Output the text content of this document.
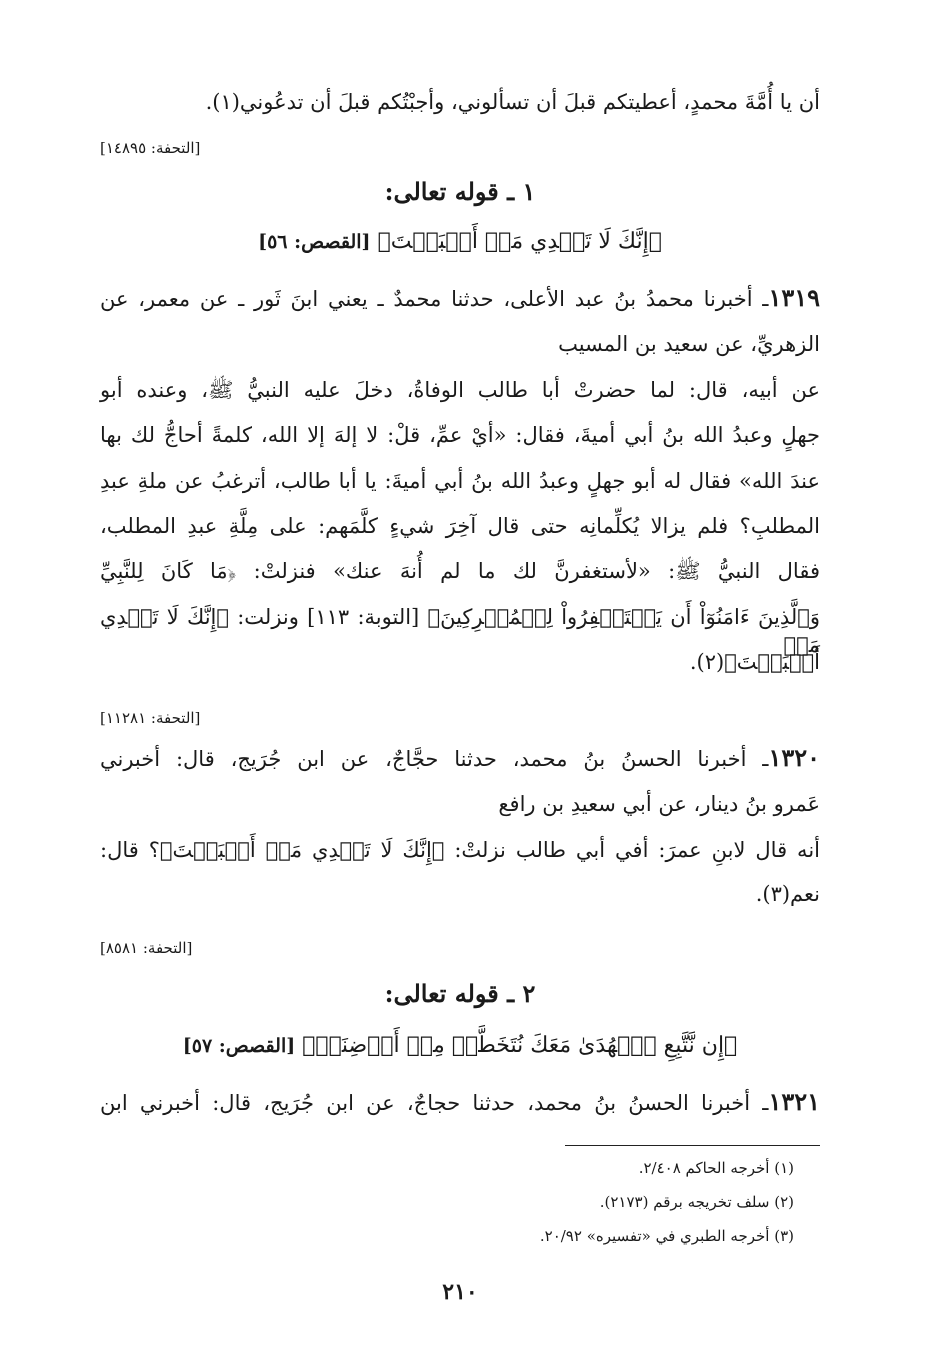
أن يا أُمَّةَ محمدٍ، أعطيتكم قبلَ أن تسألوني، وأجبْتُكم قبلَ أن تدعُوني(١).
[التحفة: ١٤٨٩٥]
١ ـ قوله تعالى:
﴿إِنَّكَ لَا تَهۡدِي مَنۡ أَحۡبَبۡتَ﴾ [القصص: ٥٦]
١٣١٩ـ أخبرنا محمدُ بنُ عبد الأعلى، حدثنا محمدٌ ـ يعني ابنَ ثَور ـ عن معمر، عن
الزهريِّ، عن سعيد بن المسيب
عن أبيه، قال: لما حضرتْ أبا طالب الوفاةُ، دخلَ عليه النبيُّ ﷺ، وعنده أبو
جهلٍ وعبدُ الله بنُ أبي أميةَ، فقال: «أيْ عمِّ، قلْ: لا إلهَ إلا الله، كلمةً أحاجُّ لك بها
عندَ الله» فقال له أبو جهلٍ وعبدُ الله بنُ أبي أميةَ: يا أبا طالب، أترغبُ عن ملةِ عبدِ
المطلبِ؟ فلم يزالا يُكلِّمانِه حتى قال آخِرَ شيءٍ كلَّمَهم: على مِلَّةِ عبدِ المطلب،
فقال النبيُّ ﷺ: «لأستغفرنَّ لك ما لم أُنهَ عنك» فنزلتْ: ﴿مَا كَانَ لِلنَّبِيِّ
وَٱلَّذِينَ ءَامَنُوٓاْ أَن يَسۡتَغۡفِرُواْ لِلۡمُشۡرِكِينَ﴾ [التوبة: ١١٣] ونزلت: ﴿إِنَّكَ لَا تَهۡدِي مَنۡ
أَحۡبَبۡتَ﴾(٢).
[التحفة: ١١٢٨١]
١٣٢٠ـ أخبرنا الحسنُ بنُ محمد، حدثنا حجَّاجٌ، عن ابن جُرَيج، قال: أخبرني
عَمرو بنُ دينار، عن أبي سعيدِ بن رافع
أنه قال لابنِ عمرَ: أفي أبي طالب نزلتْ: ﴿إِنَّكَ لَا تَهۡدِي مَنۡ أَحۡبَبۡتَ﴾؟ قال:
نعم(٣).
[التحفة: ٨٥٨١]
٢ ـ قوله تعالى:
﴿إِن نَّتَّبِعِ ٱلۡهُدَىٰ مَعَكَ نُتَخَطَّفۡ مِنۡ أَرۡضِنَآۚ﴾ [القصص: ٥٧]
١٣٢١ـ أخبرنا الحسنُ بنُ محمد، حدثنا حجاجٌ، عن ابن جُرَيج، قال: أخبرني ابن
(١) أخرجه الحاكم ٢/٤٠٨.
(٢) سلف تخريجه برقم (٢١٧٣).
(٣) أخرجه الطبري في «تفسيره» ٢٠/٩٢.
٢١٠
